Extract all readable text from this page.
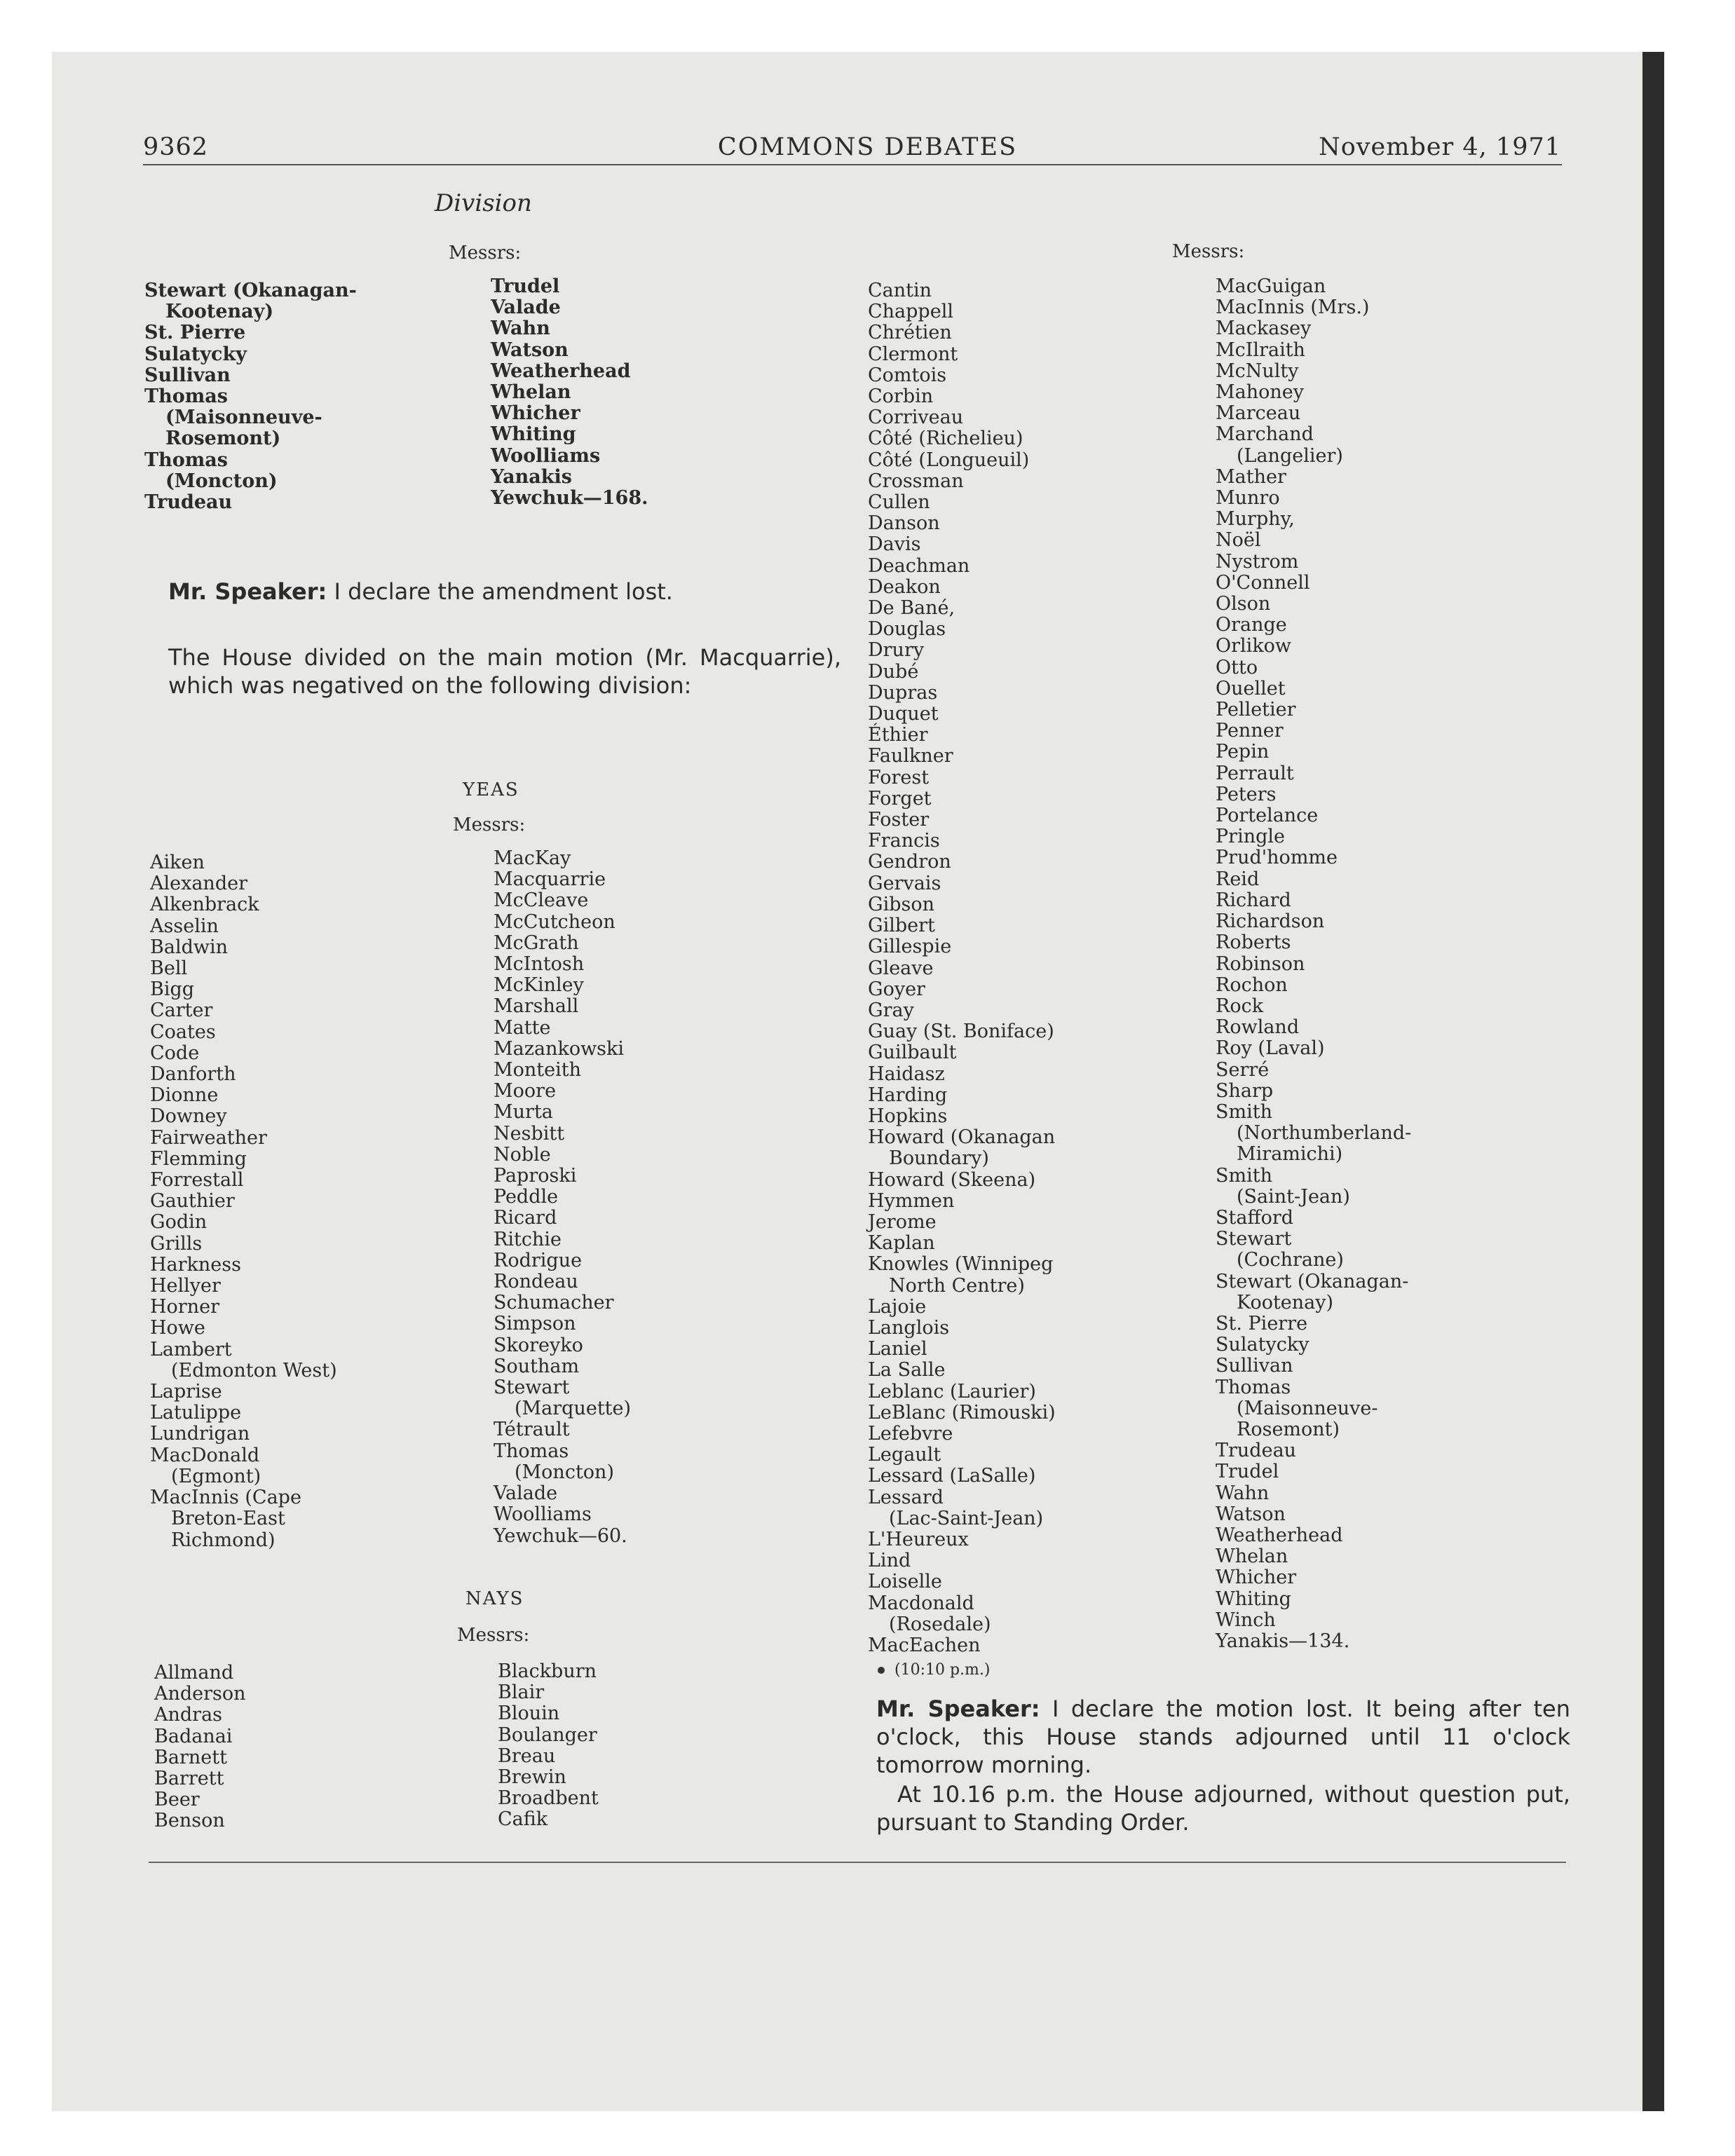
9362	COMMONS DEBATES	November 4, 1971
Division
Messrs:
Stewart (Okanagan-
Kootenay)
St. Pierre
Sulatycky
Sullivan
Thomas
(Maisonneuve-
Rosemont)
Thomas
(Moncton)
Trudeau
Trudel
Valade
Wahn
Watson
Weatherhead
Whelan
Whicher
Whiting
Woolliams
Yanakis
Yewchuk—168.
Mr. Speaker: I declare the amendment lost.
The House divided on the main motion (Mr. Macquarrie), which was negatived on the following division:
YEAS
Messrs:
Aiken
Alexander
Alkenbrack
Asselin
Baldwin
Bell
Bigg
Carter
Coates
Code
Danforth
Dionne
Downey
Fairweather
Flemming
Forrestall
Gauthier
Godin
Grills
Harkness
Hellyer
Horner
Howe
Lambert
(Edmonton West)
Laprise
Latulippe
Lundrigan
MacDonald
(Egmont)
MacInnis (Cape
Breton-East
Richmond)
MacKay
Macquarrie
McCleave
McCutcheon
McGrath
McIntosh
McKinley
Marshall
Matte
Mazankowski
Monteith
Moore
Murta
Nesbitt
Noble
Paproski
Peddle
Ricard
Ritchie
Rodrigue
Rondeau
Schumacher
Simpson
Skoreyko
Southam
Stewart
(Marquette)
Tétrault
Thomas
(Moncton)
Valade
Woolliams
Yewchuk—60.
NAYS
Messrs:
Allmand
Anderson
Andras
Badanai
Barnett
Barrett
Beer
Benson
Blackburn
Blair
Blouin
Boulanger
Breau
Brewin
Broadbent
Cafik
Messrs:
Cantin
Chappell
Chrétien
Clermont
Comtois
Corbin
Corriveau
Côté (Richelieu)
Côté (Longueuil)
Crossman
Cullen
Danson
Davis
Deachman
Deakon
De Bané,
Douglas
Drury
Dubé
Dupras
Duquet
Éthier
Faulkner
Forest
Forget
Foster
Francis
Gendron
Gervais
Gibson
Gilbert
Gillespie
Gleave
Goyer
Gray
Guay (St. Boniface)
Guilbault
Haidasz
Harding
Hopkins
Howard (Okanagan
Boundary)
Howard (Skeena)
Hymmen
Jerome
Kaplan
Knowles (Winnipeg
North Centre)
Lajoie
Langlois
Laniel
La Salle
Leblanc (Laurier)
LeBlanc (Rimouski)
Lefebvre
Legault
Lessard (LaSalle)
Lessard
(Lac-Saint-Jean)
L'Heureux
Lind
Loiselle
Macdonald
(Rosedale)
MacEachen
MacGuigan
MacInnis (Mrs.)
Mackasey
McIlraith
McNulty
Mahoney
Marceau
Marchand
(Langelier)
Mather
Munro
Murphy,
Noël
Nystrom
O'Connell
Olson
Orange
Orlikow
Otto
Ouellet
Pelletier
Penner
Pepin
Perrault
Peters
Portelance
Pringle
Prud'homme
Reid
Richard
Richardson
Roberts
Robinson
Rochon
Rock
Rowland
Roy (Laval)
Serré
Sharp
Smith
(Northumberland-
Miramichi)
Smith
(Saint-Jean)
Stafford
Stewart
(Cochrane)
Stewart (Okanagan-
Kootenay)
St. Pierre
Sulatycky
Sullivan
Thomas
(Maisonneuve-
Rosemont)
Trudeau
Trudel
Wahn
Watson
Weatherhead
Whelan
Whicher
Whiting
Winch
Yanakis—134.
(10:10 p.m.)
Mr. Speaker: I declare the motion lost. It being after ten o'clock, this House stands adjourned until 11 o'clock tomorrow morning.
At 10.16 p.m. the House adjourned, without question put, pursuant to Standing Order.
